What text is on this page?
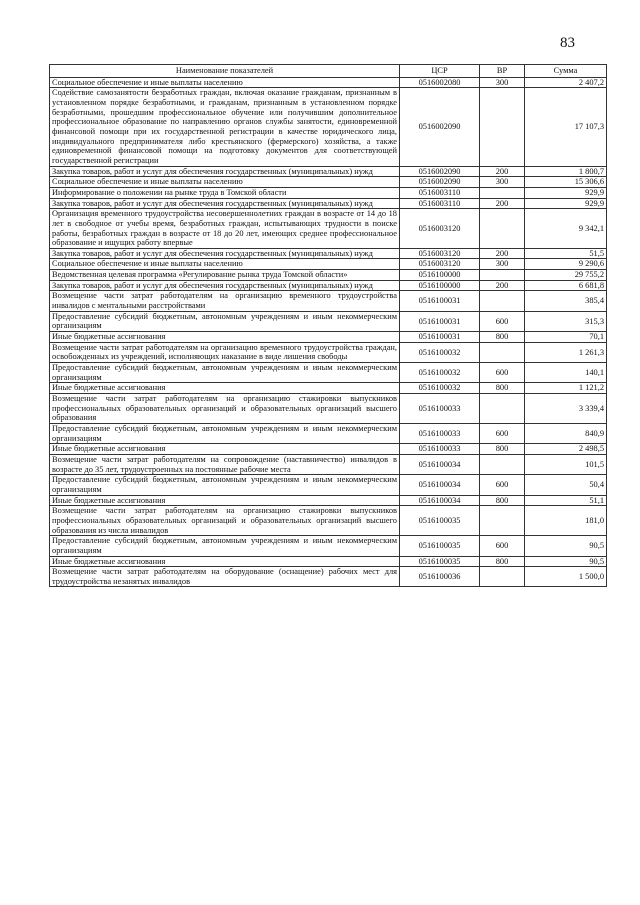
83
Наименование показателей	ЦСР	ВР	Сумма
Социальное обеспечение и иные выплаты населению	0516002080	300	2 407,2
Содействие самозанятости безработных граждан, включая оказание гражданам, признанным в установленном порядке безработными, и гражданам, признанным в установленном порядке безработными, прошедшим профессиональное обучение или получившим дополнительное профессиональное образование по направлению органов службы занятости, единовременной финансовой помощи при их государственной регистрации в качестве юридического лица, индивидуального предпринимателя либо крестьянского (фермерского) хозяйства, а также единовременной финансовой помощи на подготовку документов для соответствующей государственной регистрации	0516002090		17 107,3
Закупка товаров, работ и услуг для обеспечения государственных (муниципальных) нужд	0516002090	200	1 800,7
Социальное обеспечение и иные выплаты населению	0516002090	300	15 306,6
Информирование о положении на рынке труда в Томской области	0516003110		929,9
Закупка товаров, работ и услуг для обеспечения государственных (муниципальных) нужд	0516003110	200	929,9
Организация временного трудоустройства несовершеннолетних граждан в возрасте от 14 до 18 лет в свободное от учебы время, безработных граждан, испытывающих трудности в поиске работы, безработных граждан в возрасте от 18 до 20 лет, имеющих среднее профессиональное образование и ищущих работу впервые	0516003120		9 342,1
Закупка товаров, работ и услуг для обеспечения государственных (муниципальных) нужд	0516003120	200	51,5
Социальное обеспечение и иные выплаты населению	0516003120	300	9 290,6
Ведомственная целевая программа «Регулирование рынка труда Томской области»	0516100000		29 755,2
Закупка товаров, работ и услуг для обеспечения государственных (муниципальных) нужд	0516100000	200	6 681,8
Возмещение части затрат работодателям на организацию временного трудоустройства инвалидов с ментальными расстройствами	0516100031		385,4
Предоставление субсидий бюджетным, автономным учреждениям и иным некоммерческим организациям	0516100031	600	315,3
Иные бюджетные ассигнования	0516100031	800	70,1
Возмещение части затрат работодателям на организацию временного трудоустройства граждан, освобожденных из учреждений, исполняющих наказание в виде лишения свободы	0516100032		1 261,3
Предоставление субсидий бюджетным, автономным учреждениям и иным некоммерческим организациям	0516100032	600	140,1
Иные бюджетные ассигнования	0516100032	800	1 121,2
Возмещение части затрат работодателям на организацию стажировки выпускников профессиональных образовательных организаций и образовательных организаций высшего образования	0516100033		3 339,4
Предоставление субсидий бюджетным, автономным учреждениям и иным некоммерческим организациям	0516100033	600	840,9
Иные бюджетные ассигнования	0516100033	800	2 498,5
Возмещение части затрат работодателям на сопровождение (наставничество) инвалидов в возрасте до 35 лет, трудоустроенных на постоянные рабочие места	0516100034		101,5
Предоставление субсидий бюджетным, автономным учреждениям и иным некоммерческим организациям	0516100034	600	50,4
Иные бюджетные ассигнования	0516100034	800	51,1
Возмещение части затрат работодателям на организацию стажировки выпускников профессиональных образовательных организаций и образовательных организаций высшего образования из числа инвалидов	0516100035		181,0
Предоставление субсидий бюджетным, автономным учреждениям и иным некоммерческим организациям	0516100035	600	90,5
Иные бюджетные ассигнования	0516100035	800	90,5
Возмещение части затрат работодателям на оборудование (оснащение) рабочих мест для трудоустройства незанятых инвалидов	0516100036		1 500,0
